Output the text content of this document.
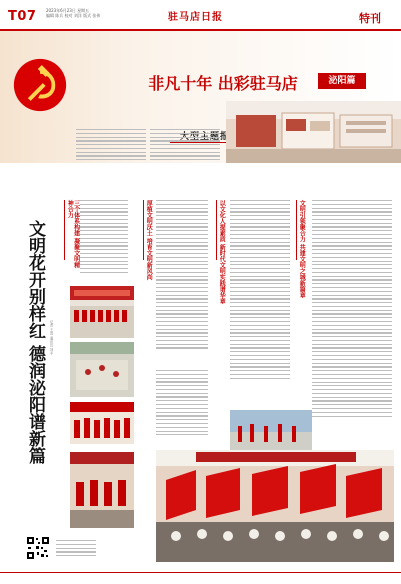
T07 2023年6月23日 星期五
编辑 陈兵 校对 刘洋 版式 张伟	驻马店日报	特刊
非凡十年 出彩驻马店	泌阳篇
三个体系构建 凝聚文明精神合力
文明花开别样红 德润泌阳谱新篇 记者 王清 通讯员 刘丰
厚植文明沃土 培育文明新风尚	以文化人提素质 新时代文明实践谱华章	文明引领聚合力 共建文明之城新篇章
